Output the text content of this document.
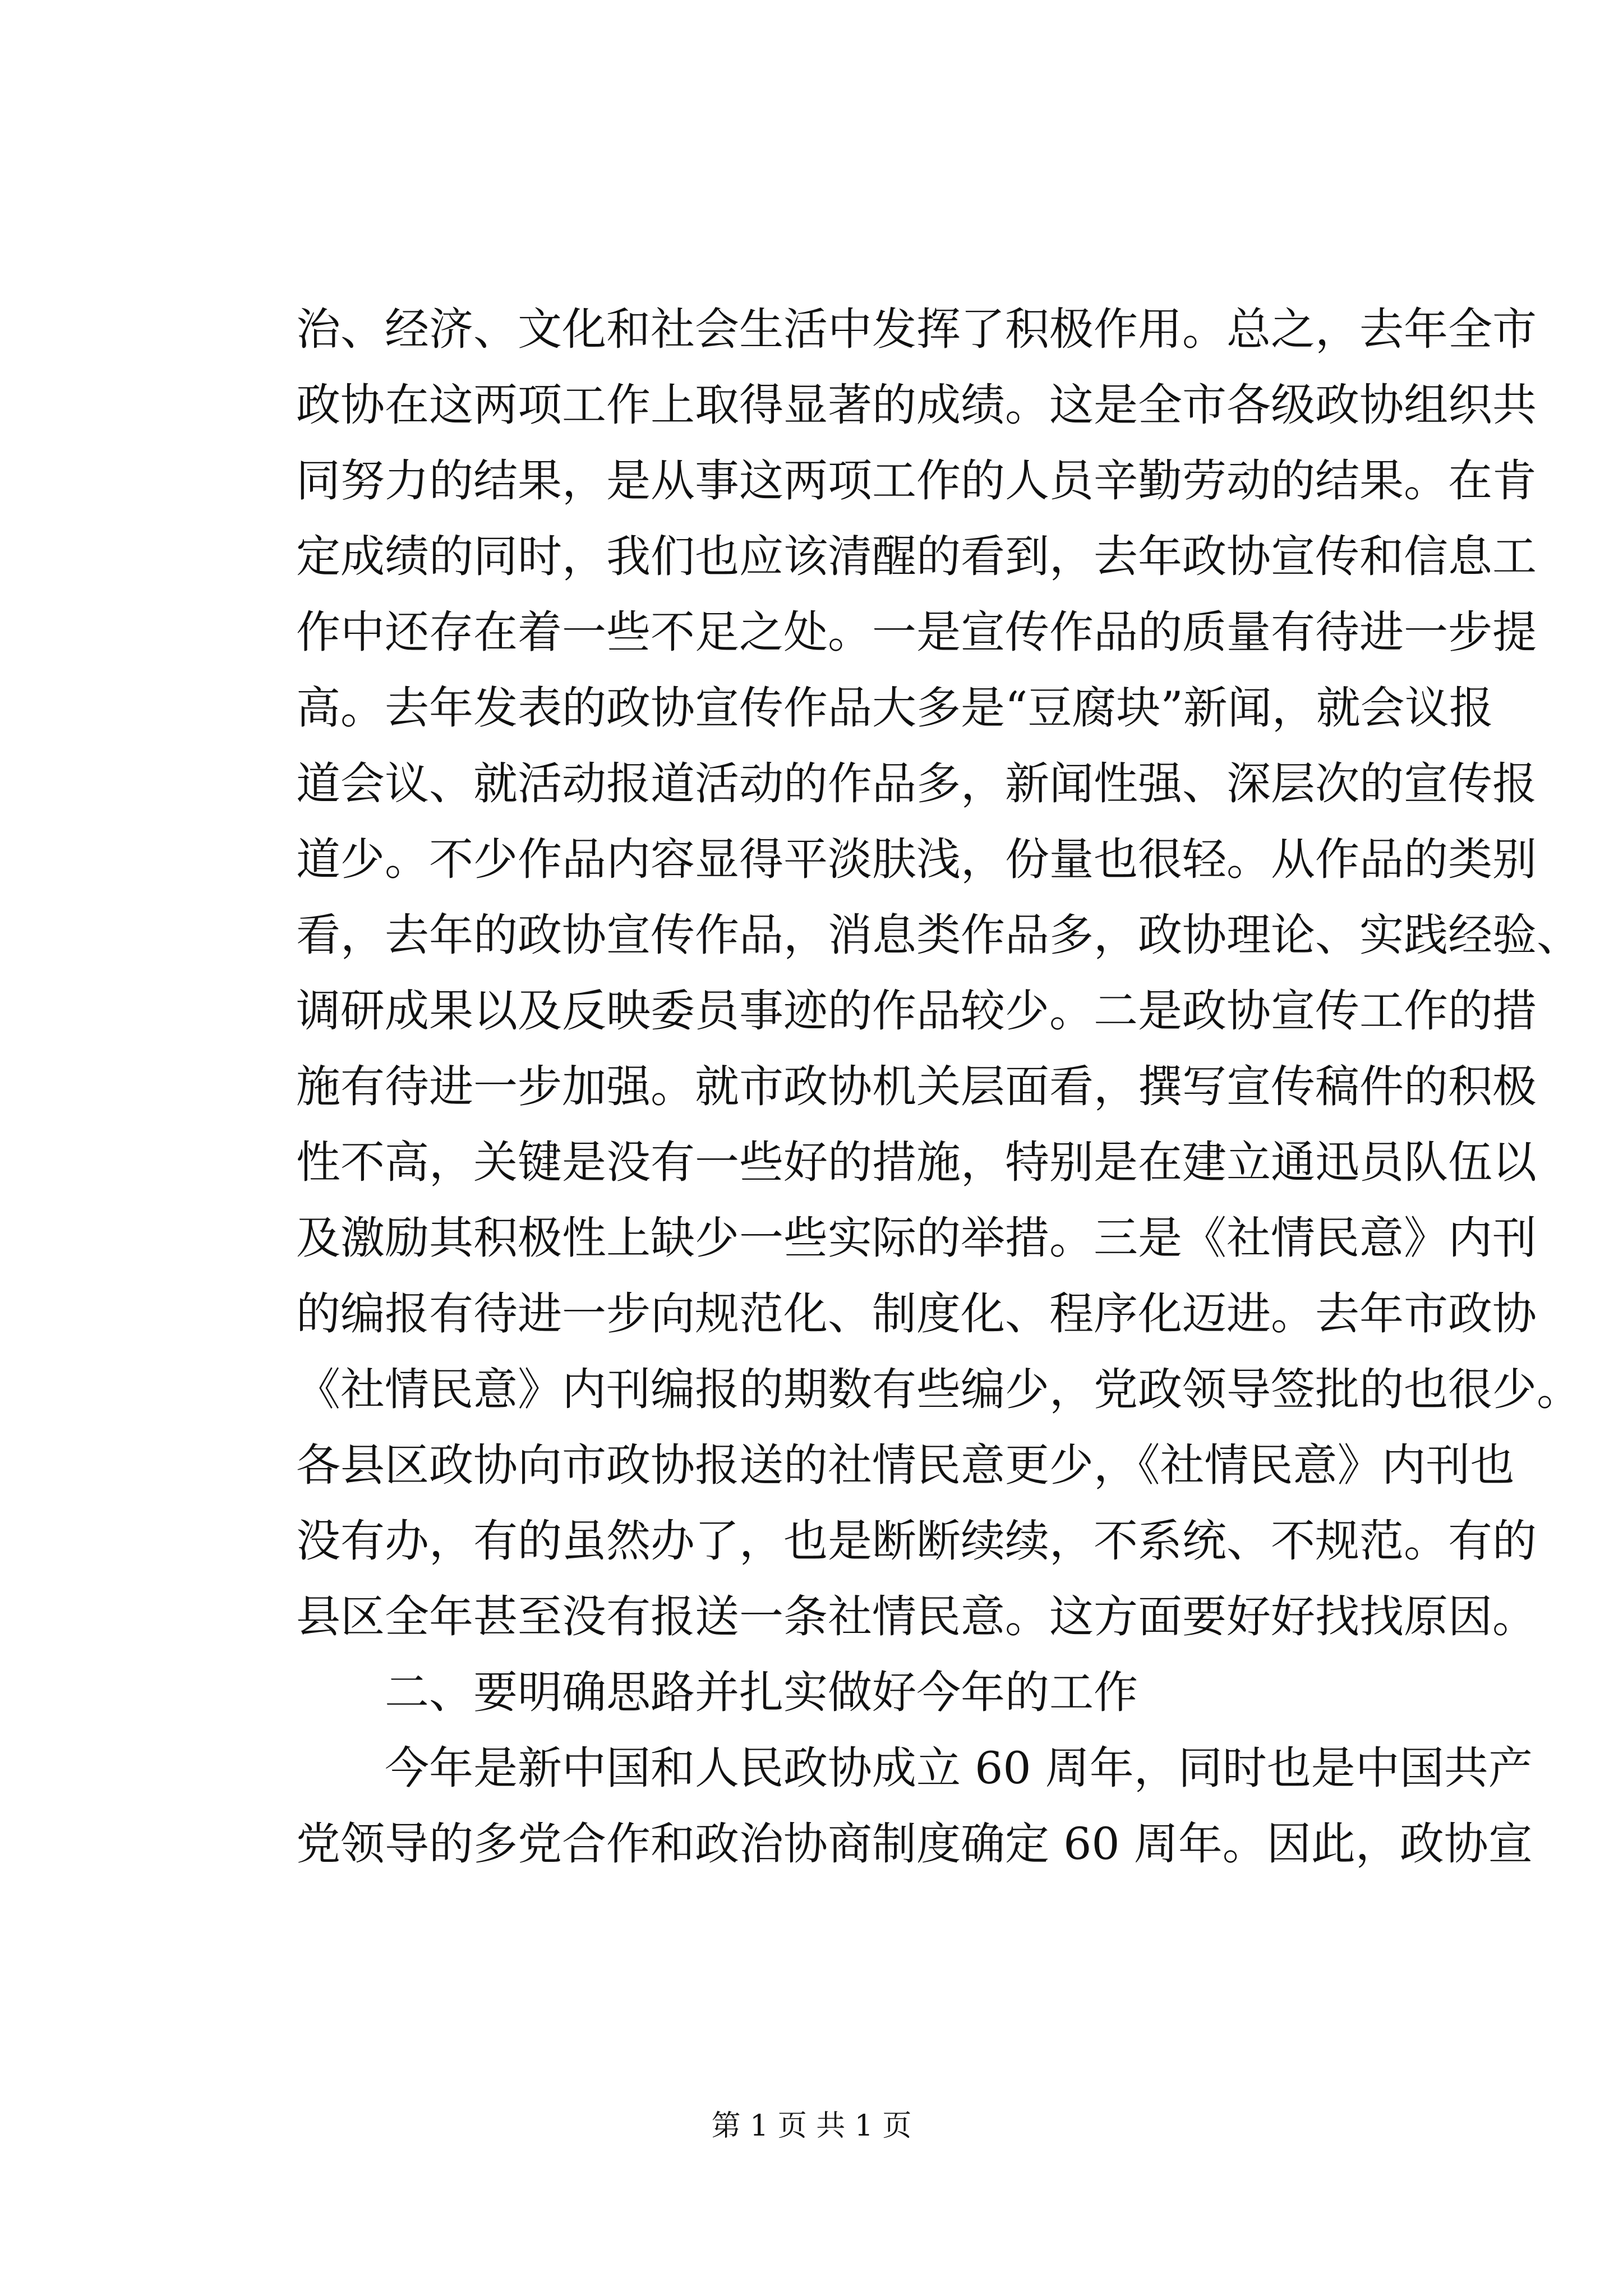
治、经济、文化和社会生活中发挥了积极作用。总之，去年全市
政协在这两项工作上取得显著的成绩。这是全市各级政协组织共
同努力的结果，是从事这两项工作的人员辛勤劳动的结果。在肯
定成绩的同时，我们也应该清醒的看到，去年政协宣传和信息工
作中还存在着一些不足之处。一是宣传作品的质量有待进一步提
高。去年发表的政协宣传作品大多是“豆腐块”新闻，就会议报
道会议、就活动报道活动的作品多，新闻性强、深层次的宣传报
道少。不少作品内容显得平淡肤浅，份量也很轻。从作品的类别
看，去年的政协宣传作品，消息类作品多，政协理论、实践经验、
调研成果以及反映委员事迹的作品较少。二是政协宣传工作的措
施有待进一步加强。就市政协机关层面看，撰写宣传稿件的积极
性不高，关键是没有一些好的措施，特别是在建立通迅员队伍以
及激励其积极性上缺少一些实际的举措。三是《社情民意》内刊
的编报有待进一步向规范化、制度化、程序化迈进。去年市政协
《社情民意》内刊编报的期数有些编少，党政领导签批的也很少。
各县区政协向市政协报送的社情民意更少，《社情民意》内刊也
没有办，有的虽然办了，也是断断续续，不系统、不规范。有的
县区全年甚至没有报送一条社情民意。这方面要好好找找原因。
二、要明确思路并扎实做好今年的工作
今年是新中国和人民政协成立 60 周年，同时也是中国共产
党领导的多党合作和政治协商制度确定 60 周年。因此，政协宣
第 1 页 共 1 页
